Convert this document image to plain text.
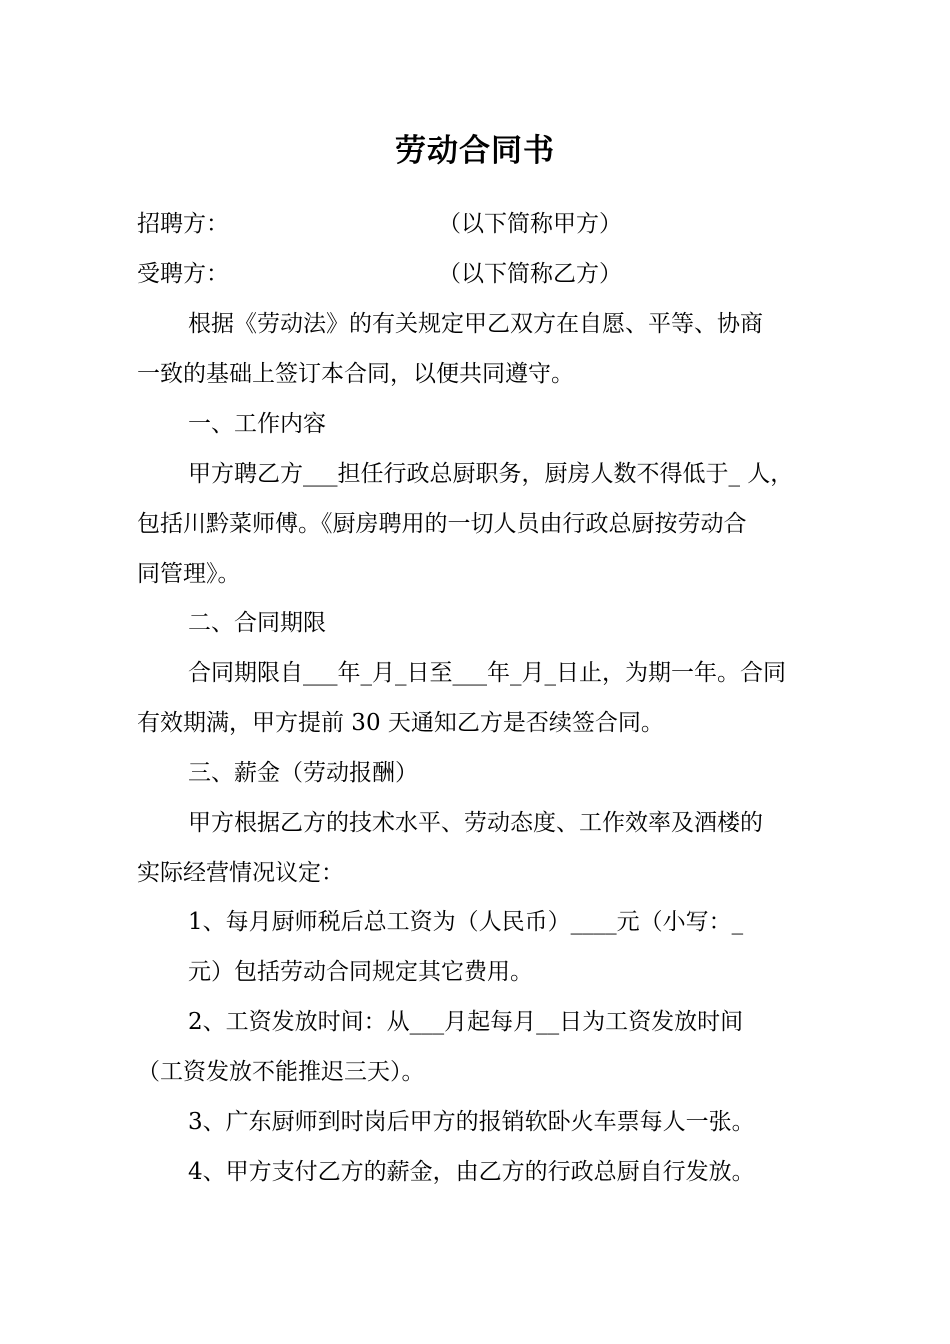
劳动合同书
招聘方：	（以下简称甲方）
受聘方：	（以下简称乙方）
根据《劳动法》的有关规定甲乙双方在自愿、平等、协商
一致的基础上签订本合同，以便共同遵守。
一、工作内容
甲方聘乙方___担任行政总厨职务，厨房人数不得低于_ 人，
包括川黔菜师傅。《厨房聘用的一切人员由行政总厨按劳动合
同管理》。
二、合同期限
合同期限自___年_月_日至___年_月_日止，为期一年。合同
有效期满，甲方提前 30 天通知乙方是否续签合同。
三、薪金（劳动报酬）
甲方根据乙方的技术水平、劳动态度、工作效率及酒楼的
实际经营情况议定：
1、每月厨师税后总工资为（人民币）____元（小写：_
元）包括劳动合同规定其它费用。
2、工资发放时间：从___月起每月__日为工资发放时间
（工资发放不能推迟三天）。
3、广东厨师到时岗后甲方的报销软卧火车票每人一张。
4、甲方支付乙方的薪金，由乙方的行政总厨自行发放。
